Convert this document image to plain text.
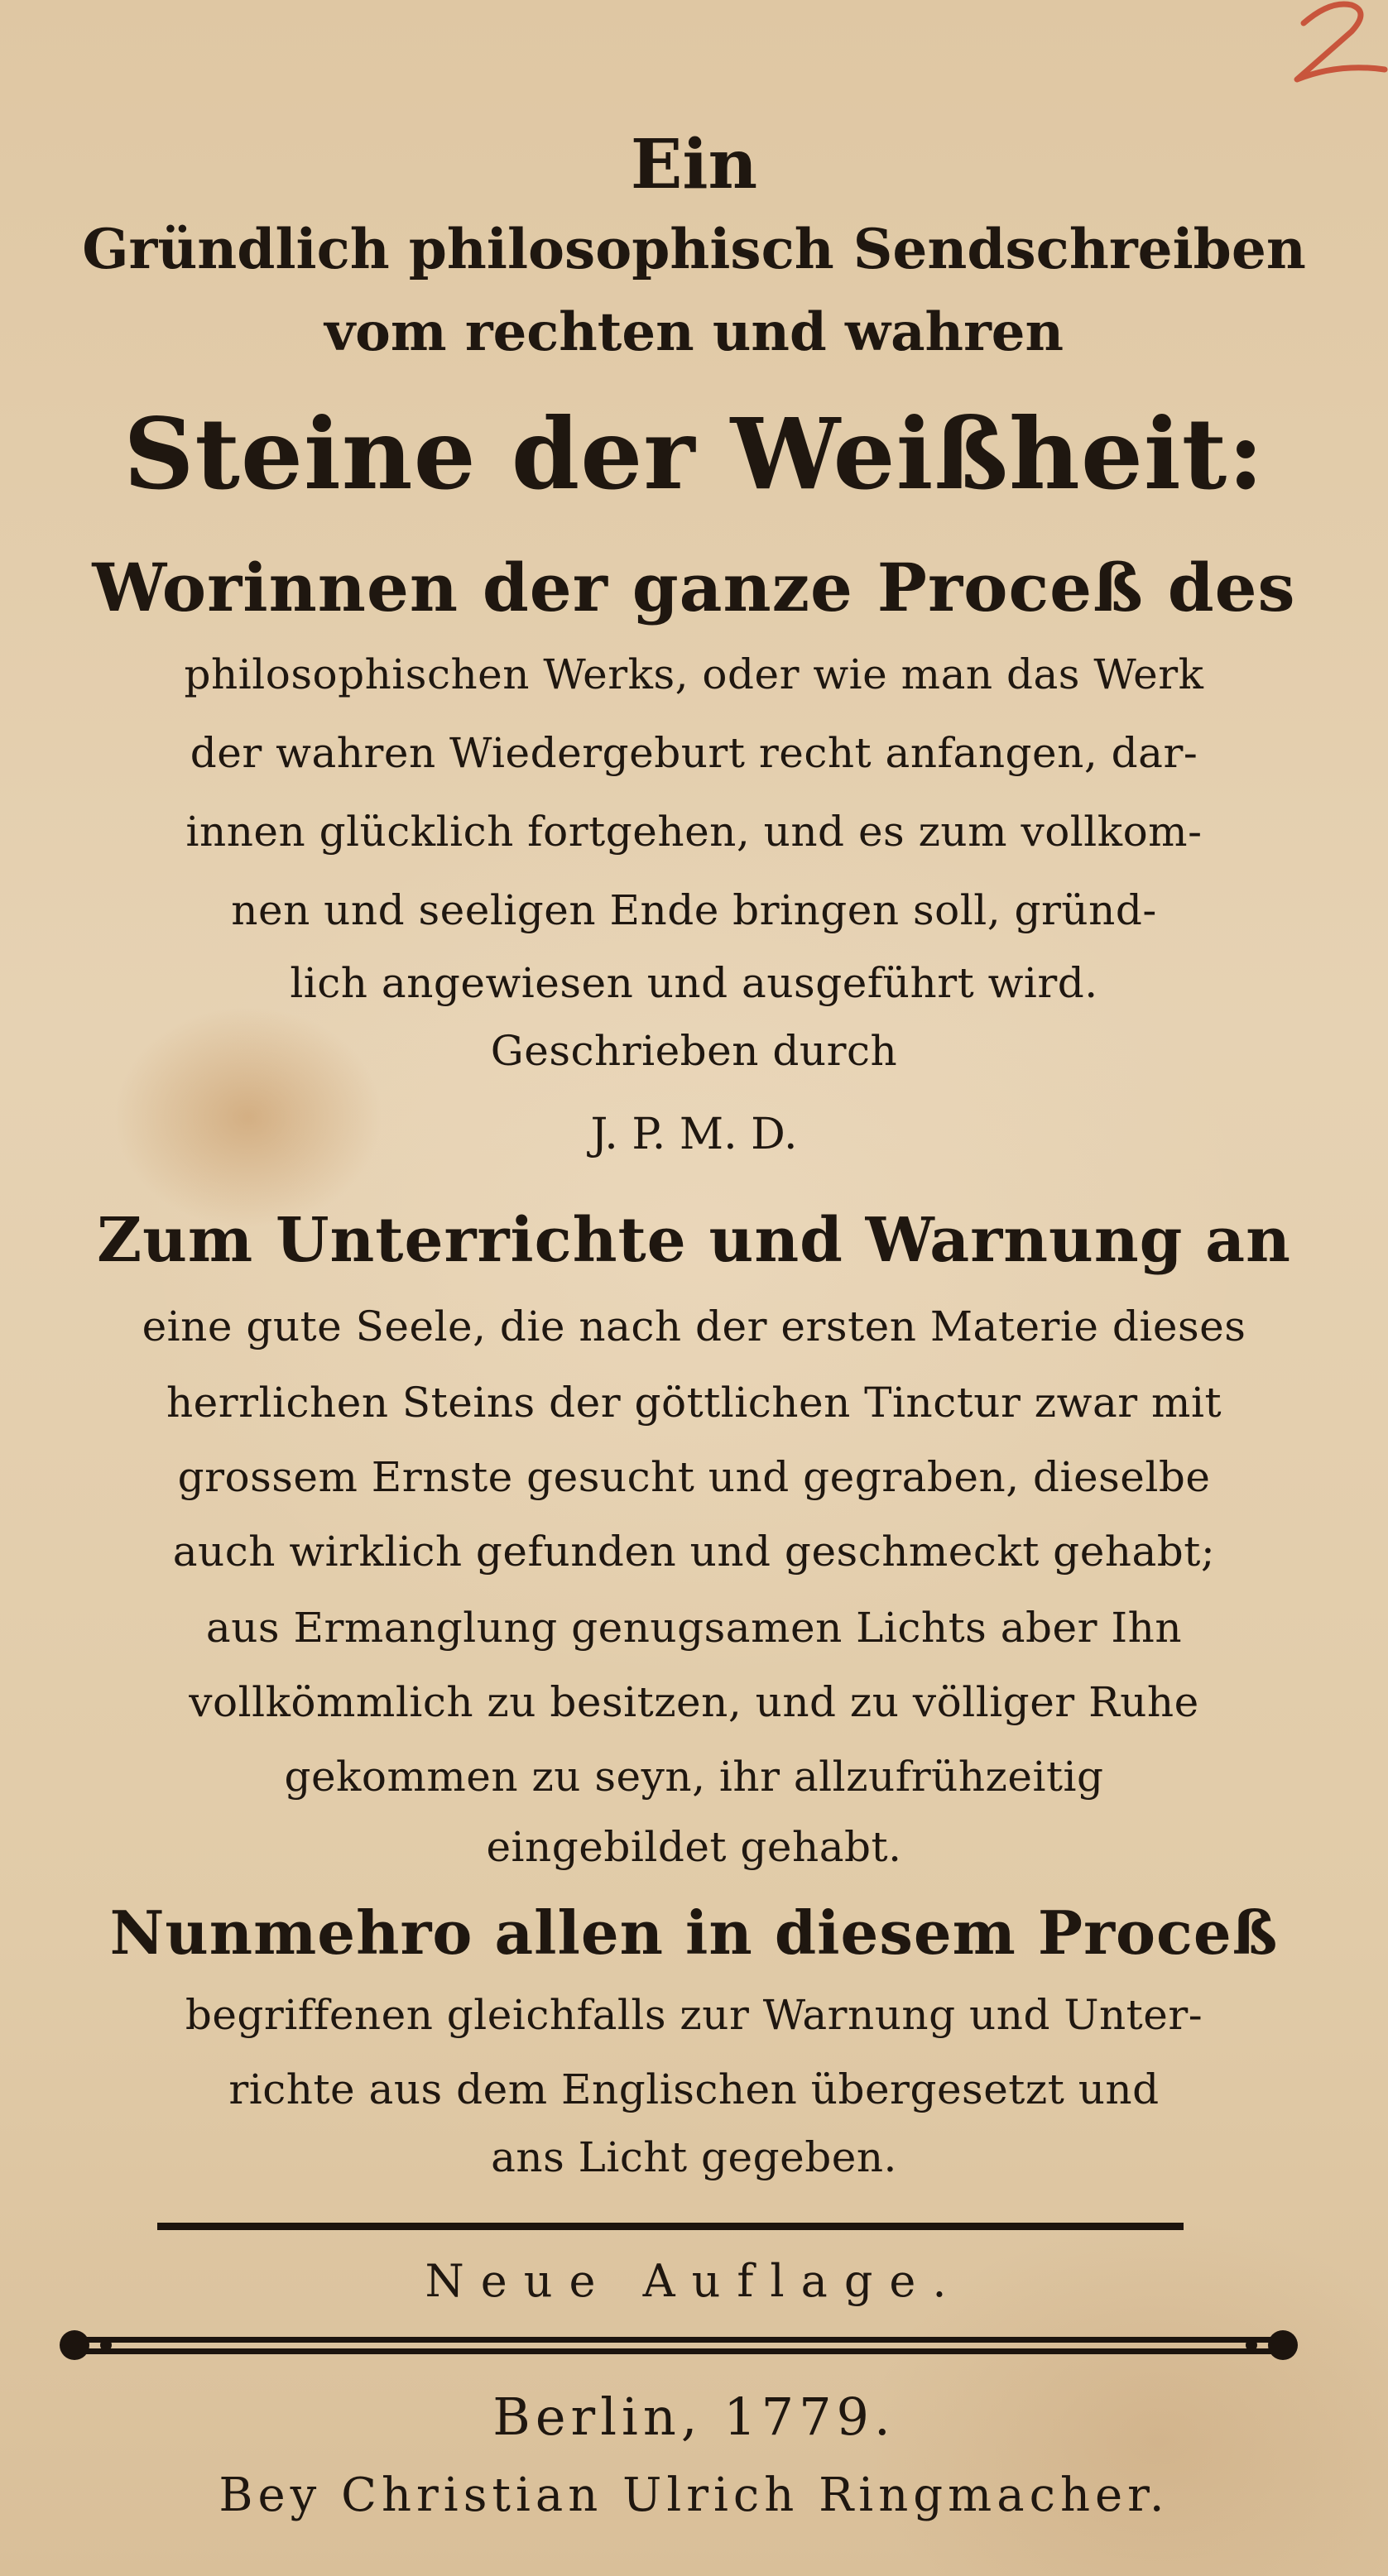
Ein

Gründlich philosophisch Sendschreiben

vom rechten und wahren

Steine der Weißheit:

Worinnen der ganze Proceß des

philosophischen Werks, oder wie man das Werk

der wahren Wiedergeburt recht anfangen, dar-

innen glücklich fortgehen, und es zum vollkom-

nen und seeligen Ende bringen soll, gründ-

lich angewiesen und ausgeführt wird.

Geschrieben durch

J. P. M. D.

Zum Unterrichte und Warnung an

eine gute Seele, die nach der ersten Materie dieses

herrlichen Steins der göttlichen Tinctur zwar mit

grossem Ernste gesucht und gegraben, dieselbe

auch wirklich gefunden und geschmeckt gehabt;

aus Ermanglung genugsamen Lichts aber Ihn

vollkömmlich zu besitzen, und zu völliger Ruhe

gekommen zu seyn, ihr allzufrühzeitig

eingebildet gehabt.

Nunmehro allen in diesem Proceß

begriffenen gleichfalls zur Warnung und Unter-

richte aus dem Englischen übergesetzt und

ans Licht gegeben.

Neue Auflage.

Berlin, 1779.

Bey Christian Ulrich Ringmacher.
